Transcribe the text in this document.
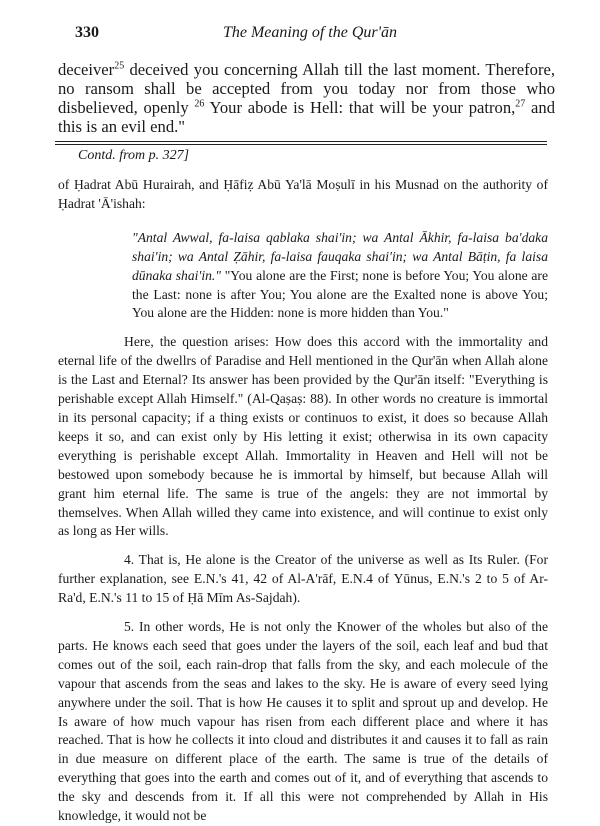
330	The Meaning of the Qur'ān
deceiver$^{25}$ deceived you concerning Allah till the last moment. Therefore, no ransom shall be accepted from you today nor from those who disbelieved, openly $^{26}$ Your abode is Hell: that will be your patron,$^{27}$ and this is an evil end."
Contd. from p. 327]

of Ḥadrat Abū Hurairah, and Ḥāfiẓ Abū Ya'lā Moṣulī in his Musnad on the authority of Ḥadrat 'Ā'ishah:

"Antal Awwal, fa-laisa qablaka shai'in; wa Antal Ākhir, fa-laisa ba'daka shai'in; wa Antal Ẓāhir, fa-laisa fauqaka shai'in; wa Antal Bāṭin, fa laisa dūnaka shai'in." "You alone are the First; none is before You; You alone are the Last: none is after You; You alone are the Exalted none is above You; You alone are the Hidden: none is more hidden than You."

Here, the question arises: How does this accord with the immortality and eternal life of the dwellrs of Paradise and Hell mentioned in the Qur'ān when Allah alone is the Last and Eternal? Its answer has been provided by the Qur'ān itself: "Everything is perishable except Allah Himself." (Al-Qaṣaṣ: 88). In other words no creature is immortal in its personal capacity; if a thing exists or continuos to exist, it does so because Allah keeps it so, and can exist only by His letting it exist; otherwisa in its own capacity everything is perishable except Allah. Immortality in Heaven and Hell will not be bestowed upon somebody because he is immortal by himself, but because Allah will grant him eternal life. The same is true of the angels: they are not immortal by themselves. When Allah willed they came into existence, and will continue to exist only as long as Her wills.

4. That is, He alone is the Creator of the universe as well as Its Ruler. (For further explanation, see E.N.'s 41, 42 of Al-A'rāf, E.N.4 of Yūnus, E.N.'s 2 to 5 of Ar-Ra'd, E.N.'s 11 to 15 of Ḥā Mīm As-Sajdah).

5. In other words, He is not only the Knower of the wholes but also of the parts. He knows each seed that goes under the layers of the soil, each leaf and bud that comes out of the soil, each rain-drop that falls from the sky, and each molecule of the vapour that ascends from the seas and lakes to the sky. He is aware of every seed lying anywhere under the soil. That is how He causes it to split and sprout up and develop. He Is aware of how much vapour has risen from each different place and where it has reached. That is how he collects it into cloud and distributes it and causes it to fall as rain in due measure on different place of the earth. The same is true of the details of everything that goes into the earth and comes out of it, and of everything that ascends to the sky and descends from it. If all this were not comprehended by Allah in His knowledge, it would not be
